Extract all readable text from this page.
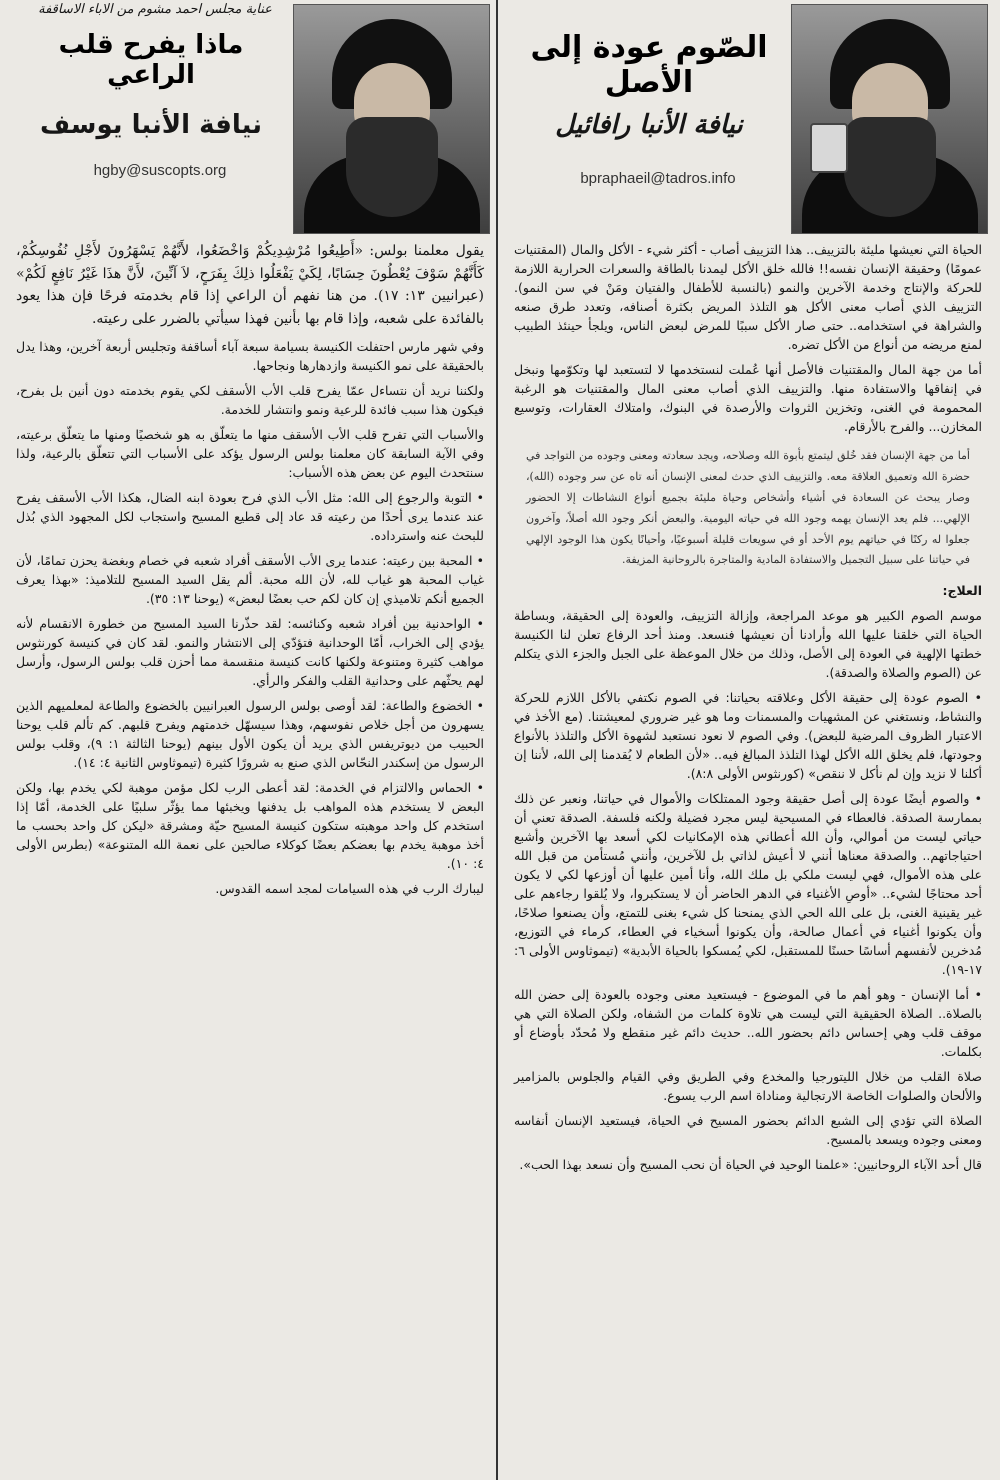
الصّوم عودة إلى الأصل
نيافة الأنبا رافائيل
bpraphaeil@tadros.info

الحياة التي نعيشها مليئة بالتزييف.. هذا التزييف أصاب - أكثر شيء - الأكل والمال (المقتنيات عمومًا) وحقيقة الإنسان نفسه!! فالله خلق الأكل ليمدنا بالطاقة والسعرات الحرارية اللازمة للحركة والإنتاج وخدمة الآخرين والنمو (بالنسبة للأطفال والفتيان ومَنْ في سن النمو). التزييف الذي أصاب معنى الأكل هو التلذذ المريض بكثرة أصنافه، وتعدد طرق صنعه والشراهة في استخدامه.. حتى صار الأكل سببًا للمرض لبعض الناس، ويلجأ حينئذ الطبيب لمنع مريضه من أنواع من الأكل تضره.

أما من جهة المال والمقتنيات فالأصل أنها عُملت لنستخدمها لا لتستعبد لها وتكوّمها ونبخل في إنفاقها والاستفادة منها. والتزييف الذي أصاب معنى المال والمقتنيات هو الرغبة المحمومة في الغنى، وتخزين الثروات والأرصدة في البنوك، وامتلاك العقارات، وتوسيع المخازن... والفرح بالأرقام.

أما من جهة الإنسان فقد خُلق ليتمتع بأبوة الله وصلاحه، ويجد سعادته ومعنى وجوده من التواجد في حضرة الله وتعميق العلاقة معه. والتزييف الذي حدث لمعنى الإنسان أنه تاه عن سر وجوده (الله)، وصار يبحث عن السعادة في أشياء وأشخاص وحياة مليئة بجميع أنواع النشاطات إلا الحضور الإلهي... فلم يعد الإنسان يهمه وجود الله في حياته اليومية. والبعض أنكر وجود الله أصلاً، وآخرون جعلوا له ركنًا في حياتهم يوم الأحد أو في سويعات قليلة أسبوعيًا، وأحيانًا يكون هذا الوجود الإلهي في حياتنا على سبيل التجميل والاستفادة المادية والمتاجرة بالروحانية المزيفة.

العلاج:

موسم الصوم الكبير هو موعد المراجعة، وإزالة التزييف، والعودة إلى الحقيقة، وبساطة الحياة التي خلقنا عليها الله وأرادنا أن نعيشها فنسعد. ومنذ أحد الرفاع تعلن لنا الكنيسة خطتها الإلهية في العودة إلى الأصل، وذلك من خلال الموعظة على الجبل والجزء الذي يتكلم عن (الصوم والصلاة والصدقة).

• الصوم عودة إلى حقيقة الأكل وعلاقته بحياتنا: في الصوم نكتفي بالأكل اللازم للحركة والنشاط، ونستغني عن المشهيات والمسمنات وما هو غير ضروري لمعيشتنا. (مع الأخذ في الاعتبار الظروف المرضية للبعض). وفي الصوم لا نعود نستعبد لشهوة الأكل والتلذذ بالأنواع وجودتها، فلم يخلق الله الأكل لهذا التلذذ المبالغ فيه.. «لأن الطعام لا يُقدمنا إلى الله، لأننا إن أكلنا لا نزيد وإن لم نأكل لا ننقص» (كورنثوس الأولى ٨:٨).

• والصوم أيضًا عودة إلى أصل حقيقة وجود الممتلكات والأموال في حياتنا، ونعبر عن ذلك بممارسة الصدقة. فالعطاء في المسيحية ليس مجرد فضيلة ولكنه فلسفة. الصدقة تعني أن حياتي ليست من أموالي، وأن الله أعطاني هذه الإمكانيات لكي أسعد بها الآخرين وأشبع احتياجاتهم.. والصدقة معناها أنني لا أعيش لذاتي بل للآخرين، وأنني مُستأمن من قبل الله على هذه الأموال، فهي ليست ملكي بل ملك الله، وأنا أمين عليها أن أوزعها لكي لا يكون أحد محتاجًا لشيء.. «أوصِ الأغنياء في الدهر الحاضر أن لا يستكبروا، ولا يُلقوا رجاءهم على غير يقينية الغنى، بل على الله الحي الذي يمنحنا كل شيء بغنى للتمتع، وأن يصنعوا صلاحًا، وأن يكونوا أغنياء في أعمال صالحة، وأن يكونوا أسخياء في العطاء، كرماء في التوزيع، مُدخرين لأنفسهم أساسًا حسنًا للمستقبل، لكي يُمسكوا بالحياة الأبدية» (تيموثاوس الأولى ٦: ١٧-١٩).

• أما الإنسان - وهو أهم ما في الموضوع - فيستعيد معنى وجوده بالعودة إلى حضن الله بالصلاة.. الصلاة الحقيقية التي ليست هي تلاوة كلمات من الشفاه، ولكن الصلاة التي هي موقف قلب وهي إحساس دائم بحضور الله.. حديث دائم غير منقطع ولا مُحدّد بأوضاع أو بكلمات.

صلاة القلب من خلال الليتورجيا والمخدع وفي الطريق وفي القيام والجلوس بالمزامير والألحان والصلوات الخاصة الارتجالية ومناداة اسم الرب يسوع.

الصلاة التي تؤدي إلى الشبع الدائم بحضور المسيح في الحياة، فيستعيد الإنسان أنفاسه ومعنى وجوده ويسعد بالمسيح.

قال أحد الآباء الروحانيين: «علمنا الوحيد في الحياة أن نحب المسيح وأن نسعد بهذا الحب».

عناية مجلس احمد مشوم من الاباء الاساقفة
ماذا يفرح قلب الراعي
نيافة الأنبا يوسف
hgby@suscopts.org

يقول معلمنا بولس: «أَطِيعُوا مُرْشِدِيكُمْ وَاخْضَعُوا، لأَنَّهُمْ يَسْهَرُونَ لأَجْلِ نُفُوسِكُمْ، كَأَنَّهُمْ سَوْفَ يُعْطُونَ حِسَابًا، لِكَيْ يَفْعَلُوا ذلِكَ بِفَرَحٍ، لاَ آنِّينَ، لأَنَّ هذَا غَيْرُ نَافِعٍ لَكُمْ» (عبرانيين ١٣: ١٧). من هنا نفهم أن الراعي إذا قام بخدمته فرحًا فإن هذا يعود بالفائدة على شعبه، وإذا قام بها بأنين فهذا سيأتي بالضرر على رعيته.

وفي شهر مارس احتفلت الكنيسة بسيامة سبعة آباء أساقفة وتجليس أربعة آخرين، وهذا يدل بالحقيقة على نمو الكنيسة وازدهارها ونجاحها.

ولكننا نريد أن نتساءل عمّا يفرح قلب الأب الأسقف لكي يقوم بخدمته دون أنين بل بفرح، فيكون هذا سبب فائدة للرعية ونمو وانتشار للخدمة.

والأسباب التي تفرح قلب الأب الأسقف منها ما يتعلّق به هو شخصيًا ومنها ما يتعلّق برعيته، وفي الآية السابقة كان معلمنا بولس الرسول يؤكد على الأسباب التي تتعلّق بالرعية، ولذا سنتحدث اليوم عن بعض هذه الأسباب:

• التوبة والرجوع إلى الله: مثل الأب الذي فرح بعودة ابنه الضال، هكذا الأب الأسقف يفرح عند عندما يرى أحدًا من رعيته قد عاد إلى قطيع المسيح واستجاب لكل المجهود الذي بُذل للبحث عنه واسترداده.

• المحبة بين رعيته: عندما يرى الأب الأسقف أفراد شعبه في خصام وبغضة يحزن تمامًا، لأن غياب المحبة هو غياب لله، لأن الله محبة. ألم يقل السيد المسيح للتلاميذ: «بهذا يعرف الجميع أنكم تلاميذي إن كان لكم حب بعضًا لبعض» (يوحنا ١٣: ٣٥).

• الواحدنية بين أفراد شعبه وكنائسه: لقد حذّرنا السيد المسيح من خطورة الانقسام لأنه يؤدي إلى الخراب، أمّا الوحدانية فتؤدّي إلى الانتشار والنمو. لقد كان في كنيسة كورنثوس مواهب كثيرة ومتنوعة ولكنها كانت كنيسة منقسمة مما أحزن قلب بولس الرسول، وأرسل لهم يحثّهم على وحدانية القلب والفكر والرأي.

• الخضوع والطاعة: لقد أوصى بولس الرسول العبرانيين بالخضوع والطاعة لمعلميهم الذين يسهرون من أجل خلاص نفوسهم، وهذا سيسهّل خدمتهم ويفرح قلبهم. كم تألم قلب يوحنا الحبيب من ديوتريفس الذي يريد أن يكون الأول بينهم (يوحنا الثالثة ١: ٩)، وقلب بولس الرسول من إسكندر النحّاس الذي صنع به شرورًا كثيرة (تيموثاوس الثانية ٤: ١٤).

• الحماس والالتزام في الخدمة: لقد أعطى الرب لكل مؤمن موهبة لكي يخدم بها، ولكن البعض لا يستخدم هذه المواهب بل يدفنها ويخبئها مما يؤثّر سلبيًا على الخدمة، أمّا إذا استخدم كل واحد موهبته ستكون كنيسة المسيح حيّة ومشرقة «ليكن كل واحد بحسب ما أخذ موهبة يخدم بها بعضكم بعضًا كوكلاء صالحين على نعمة الله المتنوعة» (بطرس الأولى ٤: ١٠).

ليبارك الرب في هذه السيامات لمجد اسمه القدوس.
